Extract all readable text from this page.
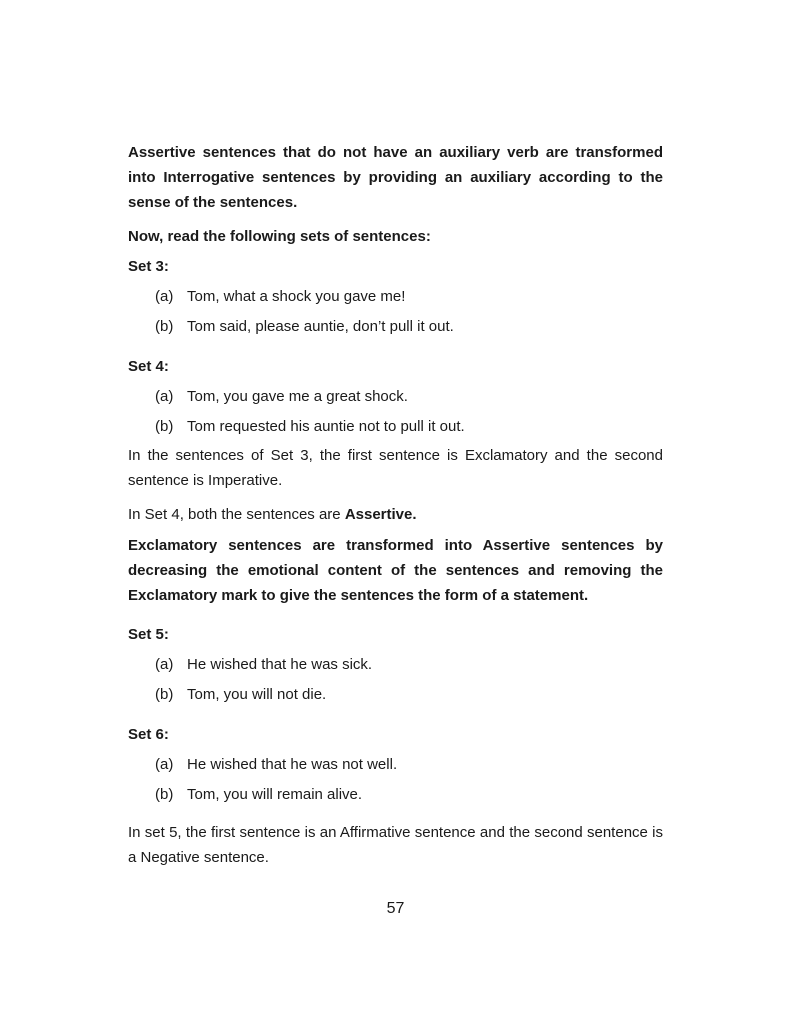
Assertive sentences that do not have an auxiliary verb are transformed into Interrogative sentences by providing an auxiliary according to the sense of the sentences.

Now, read the following sets of sentences:

Set 3:

(a) Tom, what a shock you gave me!
(b) Tom said, please auntie, don’t pull it out.

Set 4:

(a) Tom, you gave me a great shock.
(b) Tom requested his auntie not to pull it out.

In the sentences of Set 3, the first sentence is Exclamatory and the second sentence is Imperative.

In Set 4, both the sentences are Assertive.

Exclamatory sentences are transformed into Assertive sentences by decreasing the emotional content of the sentences and removing the Exclamatory mark to give the sentences the form of a statement.

Set 5:

(a) He wished that he was sick.
(b) Tom, you will not die.

Set 6:

(a) He wished that he was not well.
(b) Tom, you will remain alive.

In set 5, the first sentence is an Affirmative sentence and the second sentence is a Negative sentence.

57
